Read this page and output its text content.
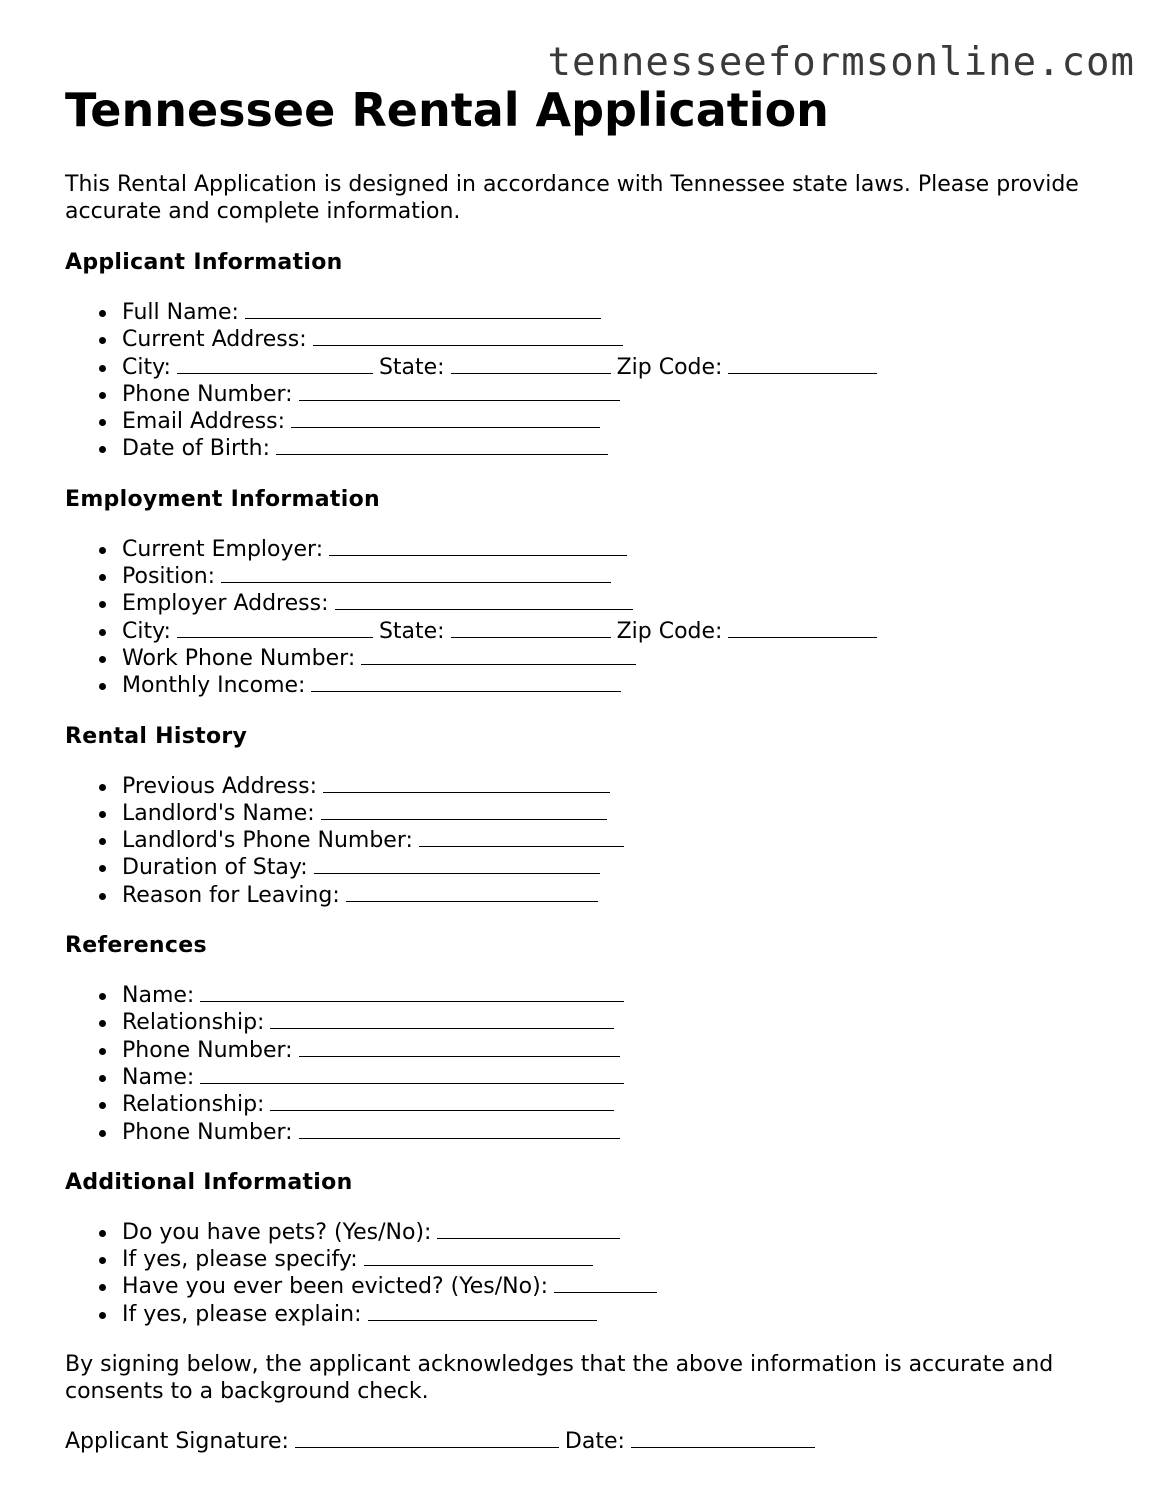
tennesseeformsonline.com
Tennessee Rental Application

This Rental Application is designed in accordance with Tennessee state laws. Please provide accurate and complete information.

Applicant Information
Full Name:
Current Address:
City:	State:	Zip Code:
Phone Number:
Email Address:
Date of Birth:
Employment Information
Current Employer:
Position:
Employer Address:
City:	State:	Zip Code:
Work Phone Number:
Monthly Income:
Rental History
Previous Address:
Landlord's Name:
Landlord's Phone Number:
Duration of Stay:
Reason for Leaving:
References
Name:
Relationship:
Phone Number:
Name:
Relationship:
Phone Number:
Additional Information
Do you have pets? (Yes/No):
If yes, please specify:
Have you ever been evicted? (Yes/No):
If yes, please explain:

By signing below, the applicant acknowledges that the above information is accurate and consents to a background check.

Applicant Signature:	Date:
